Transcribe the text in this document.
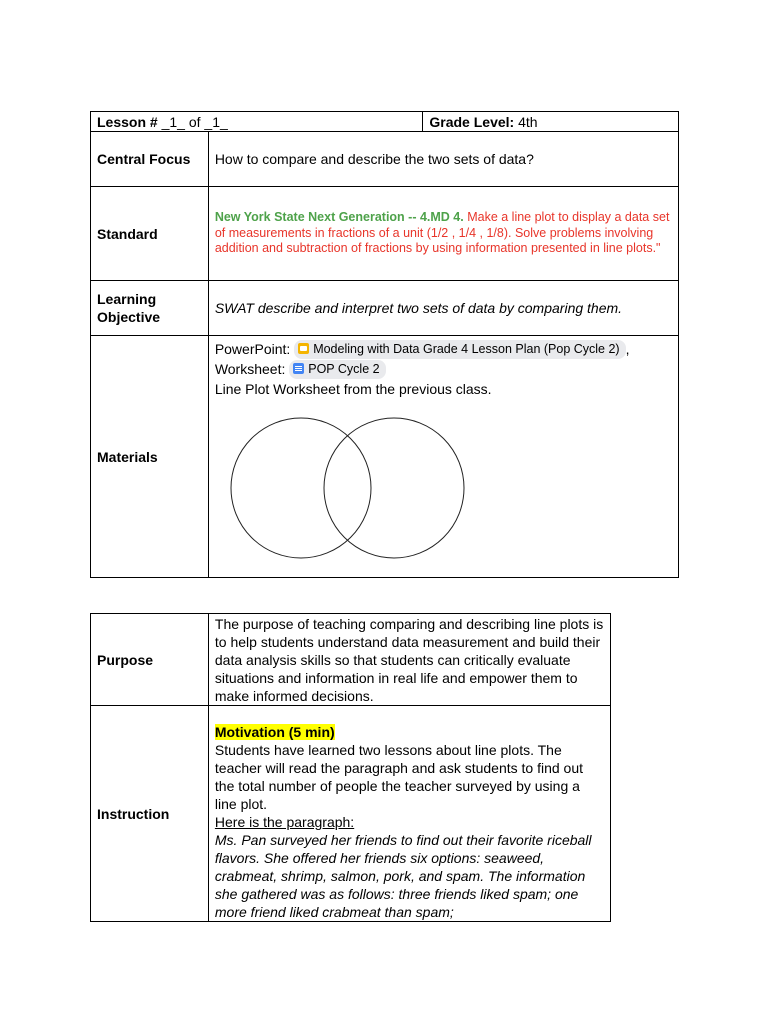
Lesson # _1_ of _1_		Grade Level: 4th
Central Focus	How to compare and describe the two sets of data?	
Standard	New York State Next Generation -- 4.MD 4. Make a line plot to display a data set of measurements in fractions of a unit (1/2 , 1/4 , 1/8). Solve problems involving addition and subtraction of fractions by using information presented in line plots."	
Learning
Objective	SWAT describe and interpret two sets of data by comparing them.	
Materials	PowerPoint: Modeling with Data Grade 4 Lesson Plan (Pop Cycle 2) ,
Worksheet: POP Cycle 2
Line Plot Worksheet from the previous class.	
Purpose	The purpose of teaching comparing and describing line plots is to help students understand data measurement and build their data analysis skills so that students can critically evaluate situations and information in real life and empower them to make informed decisions.
Instruction	Motivation (5 min)
Students have learned two lessons about line plots. The teacher will read the paragraph and ask students to find out the total number of people the teacher surveyed by using a line plot.
Here is the paragraph:
Ms. Pan surveyed her friends to find out their favorite riceball flavors. She offered her friends six options: seaweed, crabmeat, shrimp, salmon, pork, and spam. The information she gathered was as follows: three friends liked spam; one more friend liked crabmeat than spam;
